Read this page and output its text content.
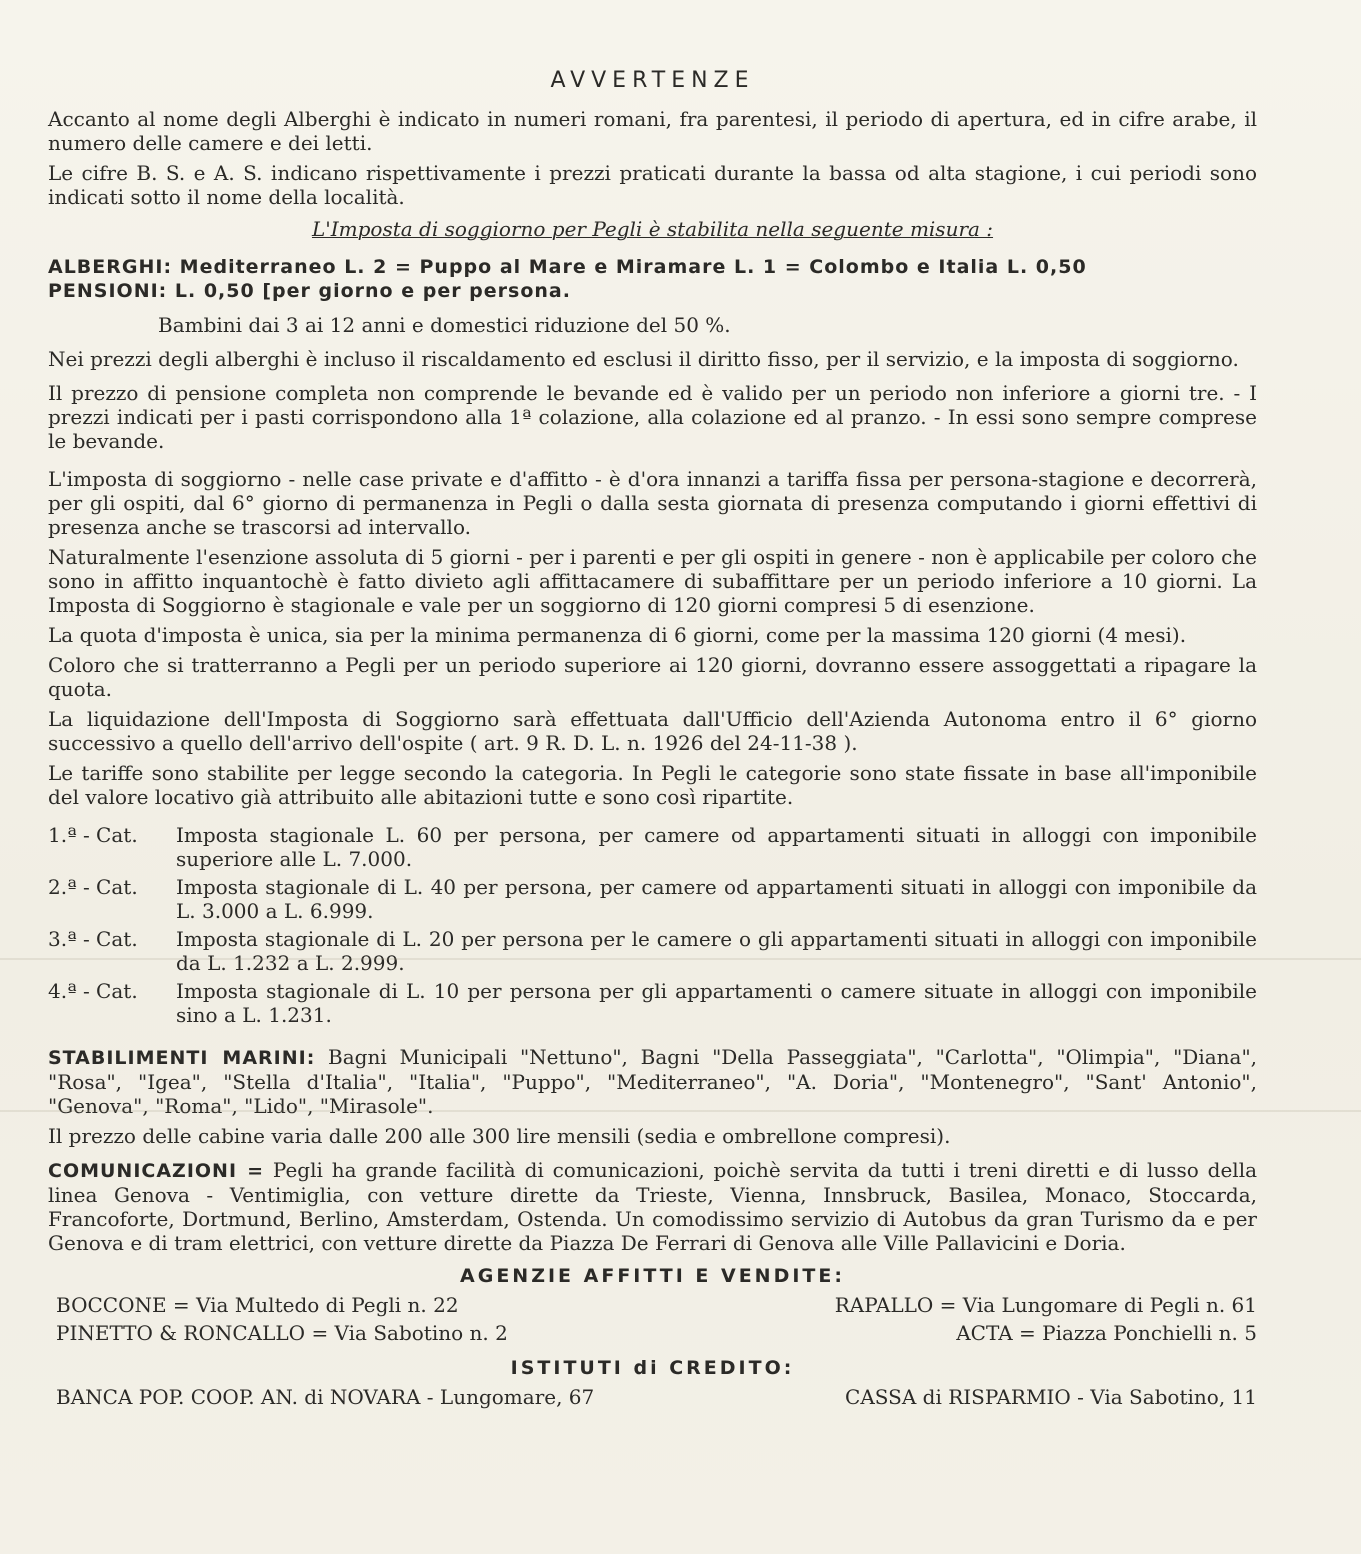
AVVERTENZE

Accanto al nome degli Alberghi è indicato in numeri romani, fra parentesi, il periodo di apertura, ed in cifre arabe, il numero delle camere e dei letti.

Le cifre B. S. e A. S. indicano rispettivamente i prezzi praticati durante la bassa od alta stagione, i cui periodi sono indicati sotto il nome della località.

L'Imposta di soggiorno per Pegli è stabilita nella seguente misura :

ALBERGHI: Mediterraneo L. 2 = Puppo al Mare e Miramare L. 1 = Colombo e Italia L. 0,50

PENSIONI: L. 0,50 [per giorno e per persona.

Bambini dai 3 ai 12 anni e domestici riduzione del 50 %.

Nei prezzi degli alberghi è incluso il riscaldamento ed esclusi il diritto fisso, per il servizio, e la imposta di soggiorno.

Il prezzo di pensione completa non comprende le bevande ed è valido per un periodo non inferiore a giorni tre. - I prezzi indicati per i pasti corrispondono alla 1ª colazione, alla colazione ed al pranzo. - In essi sono sempre comprese le bevande.

L'imposta di soggiorno - nelle case private e d'affitto - è d'ora innanzi a tariffa fissa per persona-stagione e decorrerà, per gli ospiti, dal 6° giorno di permanenza in Pegli o dalla sesta giornata di presenza computando i giorni effettivi di presenza anche se trascorsi ad intervallo.

Naturalmente l'esenzione assoluta di 5 giorni - per i parenti e per gli ospiti in genere - non è applicabile per coloro che sono in affitto inquantochè è fatto divieto agli affittacamere di subaffittare per un periodo inferiore a 10 giorni. La Imposta di Soggiorno è stagionale e vale per un soggiorno di 120 giorni compresi 5 di esenzione.

La quota d'imposta è unica, sia per la minima permanenza di 6 giorni, come per la massima 120 giorni (4 mesi).

Coloro che si tratterranno a Pegli per un periodo superiore ai 120 giorni, dovranno essere assoggettati a ripagare la quota.

La liquidazione dell'Imposta di Soggiorno sarà effettuata dall'Ufficio dell'Azienda Autonoma entro il 6° giorno successivo a quello dell'arrivo dell'ospite ( art. 9 R. D. L. n. 1926 del 24-11-38 ).

Le tariffe sono stabilite per legge secondo la categoria. In Pegli le categorie sono state fissate in base all'imponibile del valore locativo già attribuito alle abitazioni tutte e sono così ripartite.

1.ª - Cat.	Imposta stagionale L. 60 per persona, per camere od appartamenti situati in alloggi con imponibile superiore alle L. 7.000.
2.ª - Cat.	Imposta stagionale di L. 40 per persona, per camere od appartamenti situati in alloggi con imponibile da L. 3.000 a L. 6.999.
3.ª - Cat.	Imposta stagionale di L. 20 per persona per le camere o gli appartamenti situati in alloggi con imponibile da L. 1.232 a L. 2.999.
4.ª - Cat.	Imposta stagionale di L. 10 per persona per gli appartamenti o camere situate in alloggi con imponibile sino a L. 1.231.

STABILIMENTI MARINI: Bagni Municipali "Nettuno", Bagni "Della Passeggiata", "Carlotta", "Olimpia", "Diana", "Rosa", "Igea", "Stella d'Italia", "Italia", "Puppo", "Mediterraneo", "A. Doria", "Montenegro", "Sant' Antonio", "Genova", "Roma", "Lido", "Mirasole".

Il prezzo delle cabine varia dalle 200 alle 300 lire mensili (sedia e ombrellone compresi).

COMUNICAZIONI = Pegli ha grande facilità di comunicazioni, poichè servita da tutti i treni diretti e di lusso della linea Genova - Ventimiglia, con vetture dirette da Trieste, Vienna, Innsbruck, Basilea, Monaco, Stoccarda, Francoforte, Dortmund, Berlino, Amsterdam, Ostenda. Un comodissimo servizio di Autobus da gran Turismo da e per Genova e di tram elettrici, con vetture dirette da Piazza De Ferrari di Genova alle Ville Pallavicini e Doria.

AGENZIE AFFITTI E VENDITE:
BOCCONE = Via Multedo di Pegli n. 22	RAPALLO = Via Lungomare di Pegli n. 61
PINETTO & RONCALLO = Via Sabotino n. 2	ACTA = Piazza Ponchielli n. 5
ISTITUTI di CREDITO:
BANCA POP. COOP. AN. di NOVARA - Lungomare, 67	CASSA di RISPARMIO - Via Sabotino, 11
